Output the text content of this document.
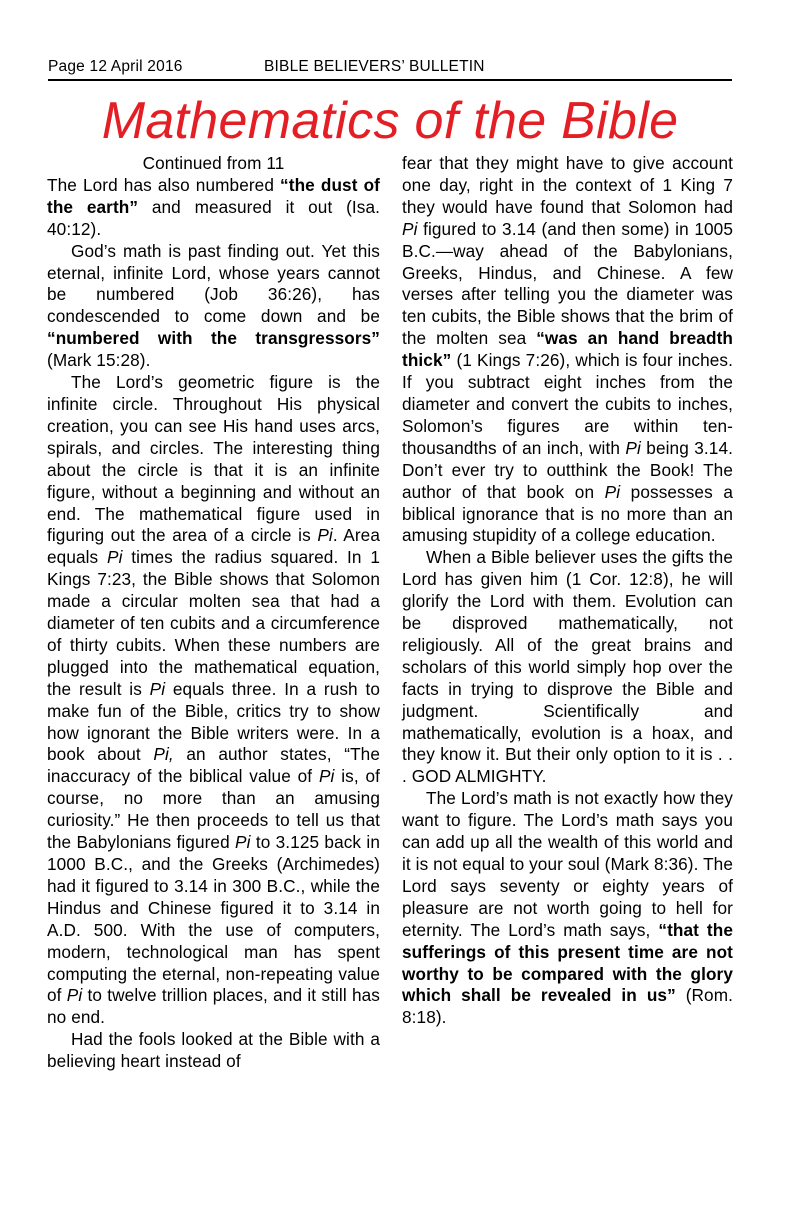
Page 12 April 2016	BIBLE BELIEVERS’ BULLETIN
Mathematics of the Bible

Continued from 11

The Lord has also numbered “the dust of the earth” and measured it out (Isa. 40:12).

God’s math is past finding out. Yet this eternal, infinite Lord, whose years cannot be numbered (Job 36:26), has condescended to come down and be “numbered with the transgressors” (Mark 15:28).

The Lord’s geometric figure is the infinite circle. Throughout His physical creation, you can see His hand uses arcs, spirals, and circles. The interesting thing about the circle is that it is an infinite figure, without a beginning and without an end. The mathematical figure used in figuring out the area of a circle is Pi. Area equals Pi times the radius squared. In 1 Kings 7:23, the Bible shows that Solomon made a circular molten sea that had a diameter of ten cubits and a circumference of thirty cubits. When these numbers are plugged into the mathematical equation, the result is Pi equals three. In a rush to make fun of the Bible, critics try to show how ignorant the Bible writers were. In a book about Pi, an author states, “The inaccuracy of the biblical value of Pi is, of course, no more than an amusing curiosity.” He then proceeds to tell us that the Babylonians figured Pi to 3.125 back in 1000 B.C., and the Greeks (Archimedes) had it figured to 3.14 in 300 B.C., while the Hindus and Chinese figured it to 3.14 in A.D. 500. With the use of computers, modern, technological man has spent computing the eternal, non-repeating value of Pi to twelve trillion places, and it still has no end.

Had the fools looked at the Bible with a believing heart instead of

fear that they might have to give account one day, right in the context of 1 King 7 they would have found that Solomon had Pi figured to 3.14 (and then some) in 1005 B.C.—way ahead of the Babylonians, Greeks, Hindus, and Chinese. A few verses after telling you the diameter was ten cubits, the Bible shows that the brim of the molten sea “was an hand breadth thick” (1 Kings 7:26), which is four inches. If you subtract eight inches from the diameter and convert the cubits to inches, Solomon’s figures are within ten-thousandths of an inch, with Pi being 3.14. Don’t ever try to outthink the Book! The author of that book on Pi possesses a biblical ignorance that is no more than an amusing stupidity of a college education.

When a Bible believer uses the gifts the Lord has given him (1 Cor. 12:8), he will glorify the Lord with them. Evolution can be disproved mathematically, not religiously. All of the great brains and scholars of this world simply hop over the facts in trying to disprove the Bible and judgment. Scientifically and mathematically, evolution is a hoax, and they know it. But their only option to it is . . . GOD ALMIGHTY.

The Lord’s math is not exactly how they want to figure. The Lord’s math says you can add up all the wealth of this world and it is not equal to your soul (Mark 8:36). The Lord says seventy or eighty years of pleasure are not worth going to hell for eternity. The Lord’s math says, “that the sufferings of this present time are not worthy to be compared with the glory which shall be revealed in us” (Rom. 8:18).
